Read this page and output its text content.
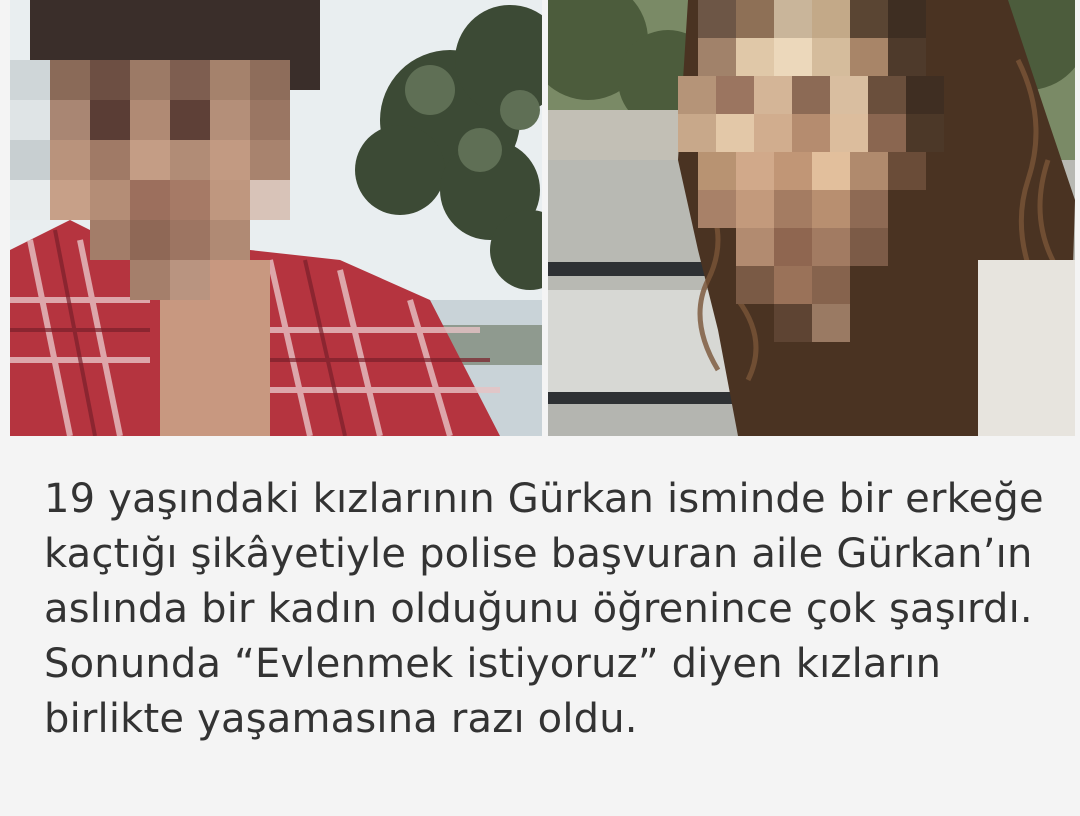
19 yaşındaki kızlarının Gürkan isminde bir erkeğe kaçtığı şikâyetiyle polise başvuran aile Gürkan’ın aslında bir kadın olduğunu öğrenince çok şaşırdı. Sonunda “Evlenmek istiyoruz” diyen kızların birlikte yaşamasına razı oldu.
